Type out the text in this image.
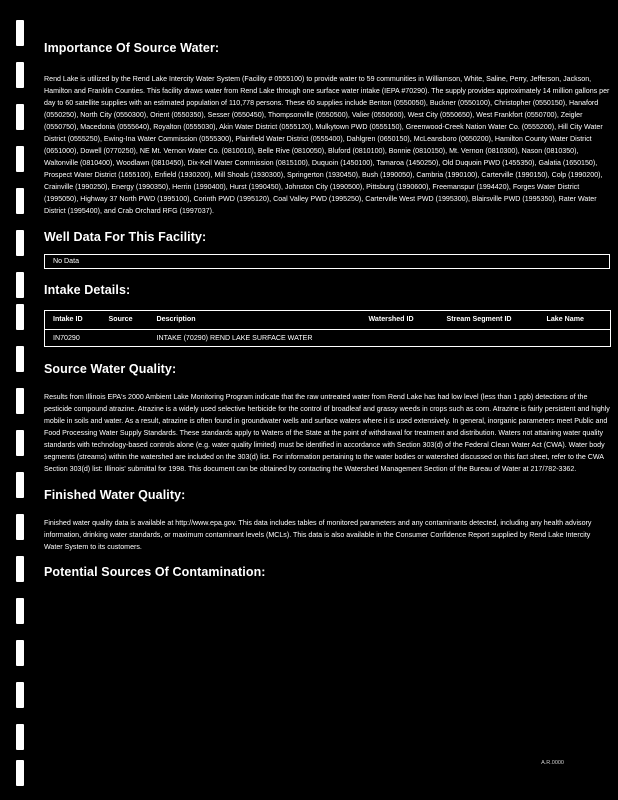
Importance Of Source Water:

Rend Lake is utilized by the Rend Lake Intercity Water System (Facility # 0555100) to provide water to 59 communities in Williamson, White, Saline, Perry, Jefferson, Jackson, Hamilton and Franklin Counties. This facility draws water from Rend Lake through one surface water intake (IEPA #70290). The supply provides approximately 14 million gallons per day to 60 satellite supplies with an estimated population of 110,778 persons. These 60 supplies include Benton (0550050), Buckner (0550100), Christopher (0550150), Hanaford (0550250), North City (0550300), Orient (0550350), Sesser (0550450), Thompsonville (0550500), Valier (0550600), West City (0550650), West Frankfort (0550700), Zeigler (0550750), Macedonia (0555640), Royalton (0555030), Akin Water District (0555120), Mulkytown PWD (0555150), Greenwood-Creek Nation Water Co. (0555200), Hill City Water District (0555250), Ewing-Ina Water Commission (0555300), Plainfield Water District (0555400), Dahlgren (0650150), McLeansboro (0650200), Hamilton County Water District (0651000), Dowell (0770250), NE Mt. Vernon Water Co. (0810010), Belle Rive (0810050), Bluford (0810100), Bonnie (0810150), Mt. Vernon (0810300), Nason (0810350), Waltonville (0810400), Woodlawn (0810450), Dix-Kell Water Commission (0815100), Duquoin (1450100), Tamaroa (1450250), Old Duquoin PWD (1455350), Galatia (1650150), Prospect Water District (1655100), Enfield (1930200), Mill Shoals (1930300), Springerton (1930450), Bush (1990050), Cambria (1990100), Carterville (1990150), Colp (1990200), Crainville (1990250), Energy (1990350), Herrin (1990400), Hurst (1990450), Johnston City (1990500), Pittsburg (1990600), Freemanspur (1994420), Forges Water District (1995050), Highway 37 North PWD (1995100), Corinth PWD (1995120), Coal Valley PWD (1995250), Carterville West PWD (1995300), Blairsville PWD (1995350), Rater Water District (1995400), and Crab Orchard RFG (1997037).

Well Data For This Facility:
No Data
Intake Details:
Intake ID	Source	Description		Watershed ID	Stream Segment ID	Lake Name
IN70290		INTAKE (70290) REND LAKE SURFACE WATER				
Source Water Quality:

Results from Illinois EPA's 2000 Ambient Lake Monitoring Program indicate that the raw untreated water from Rend Lake has had low level (less than 1 ppb) detections of the pesticide compound atrazine. Atrazine is a widely used selective herbicide for the control of broadleaf and grassy weeds in crops such as corn. Atrazine is fairly persistent and highly mobile in soils and water. As a result, atrazine is often found in groundwater wells and surface waters where it is used extensively. In general, inorganic parameters meet Public and Food Processing Water Supply Standards. These standards apply to Waters of the State at the point of withdrawal for treatment and distribution. Waters not attaining water quality standards with technology-based controls alone (e.g. water quality limited) must be identified in accordance with Section 303(d) of the Federal Clean Water Act (CWA). Water body segments (streams) within the watershed are included on the 303(d) list. For information pertaining to the water bodies or watershed discussed on this fact sheet, refer to the CWA Section 303(d) list: Illinois' submittal for 1998. This document can be obtained by contacting the Watershed Management Section of the Bureau of Water at 217/782-3362.

Finished Water Quality:

Finished water quality data is available at http://www.epa.gov. This data includes tables of monitored parameters and any contaminants detected, including any health advisory information, drinking water standards, or maximum contaminant levels (MCLs). This data is also available in the Consumer Confidence Report supplied by Rend Lake Intercity Water System to its customers.

Potential Sources Of Contamination:
A.R.0000
